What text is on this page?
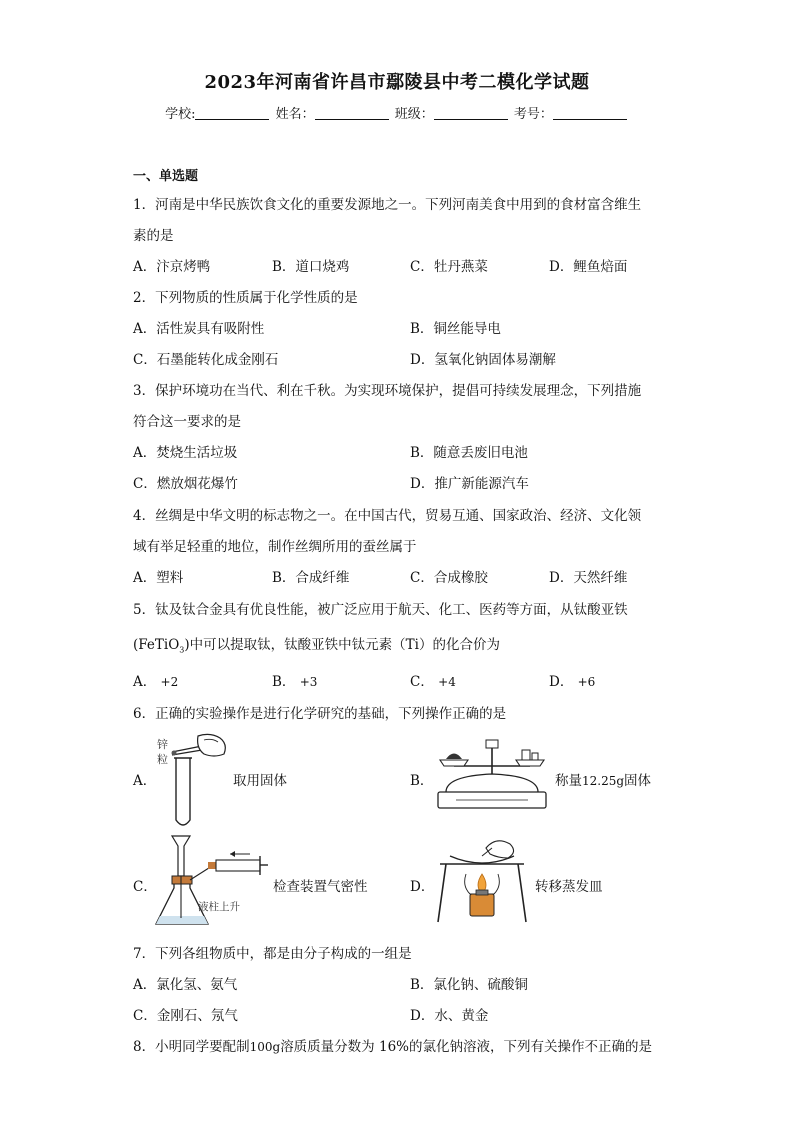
2023年河南省许昌市鄢陵县中考二模化学试题
学校:	姓名：	班级：	考号：
一、单选题
1．河南是中华民族饮食文化的重要发源地之一。下列河南美食中用到的食材富含维生
素的是
A．汴京烤鸭	B．道口烧鸡	C．牡丹燕菜	D．鲤鱼焙面
2．下列物质的性质属于化学性质的是
A．活性炭具有吸附性	B．铜丝能导电
C．石墨能转化成金刚石	D．氢氧化钠固体易潮解
3．保护环境功在当代、利在千秋。为实现环境保护，提倡可持续发展理念，下列措施
符合这一要求的是
A．焚烧生活垃圾	B．随意丢废旧电池
C．燃放烟花爆竹	D．推广新能源汽车
4．丝绸是中华文明的标志物之一。在中国古代，贸易互通、国家政治、经济、文化领
域有举足轻重的地位，制作丝绸所用的蚕丝属于
A．塑料	B．合成纤维	C．合成橡胶	D．天然纤维
5．钛及钛合金具有优良性能，被广泛应用于航天、化工、医药等方面，从钛酸亚铁
(FeTiO$_3$)中可以提取钛，钛酸亚铁中钛元素（Ti）的化合价为
A． +2	B． +3	C． +4	D． +6
6．正确的实验操作是进行化学研究的基础，下列操作正确的是
A．
锌
粒
取用固体	B．	称量12.25g固体
C．
液柱上升
检查装置气密性	D．	转移蒸发皿
7．下列各组物质中，都是由分子构成的一组是
A．氯化氢、氨气	B．氯化钠、硫酸铜
C．金刚石、氖气	D．水、黄金
8．小明同学要配制100g溶质质量分数为 16%的氯化钠溶液，下列有关操作不正确的是
